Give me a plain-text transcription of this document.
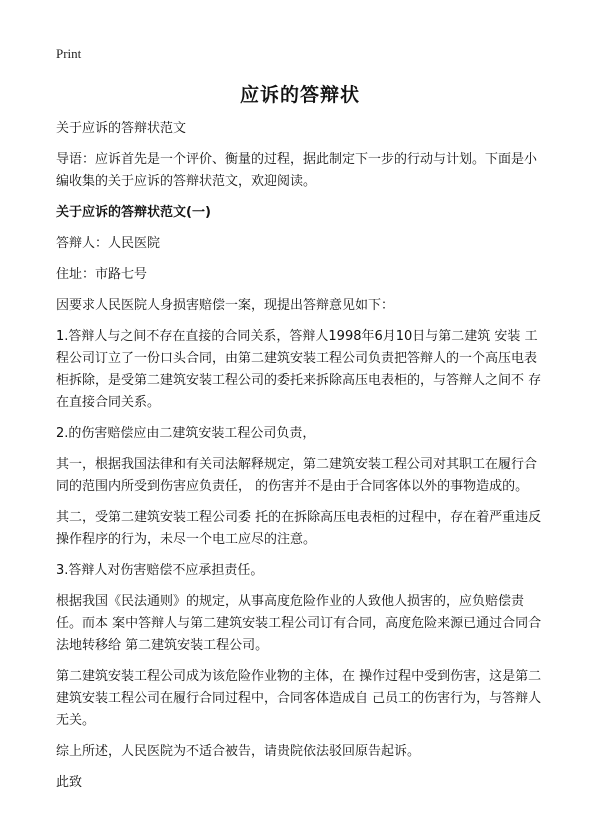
Print
应诉的答辩状

关于应诉的答辩状范文

导语：应诉首先是一个评价、衡量的过程，据此制定下一步的行动与计划。下面是小编收集的关于应诉的答辩状范文，欢迎阅读。

关于应诉的答辩状范文(一)

答辩人：人民医院

住址：市路七号

因要求人民医院人身损害赔偿一案，现提出答辩意见如下：

1.答辩人与之间不存在直接的合同关系，答辩人1998年6月10日与第二建筑 安装 工程公司订立了一份口头合同，由第二建筑安装工程公司负责把答辩人的一个高压电表柜拆除，是受第二建筑安装工程公司的委托来拆除高压电表柜的，与答辩人之间不 存在直接合同关系。

2.的伤害赔偿应由二建筑安装工程公司负责，

其一，根据我国法律和有关司法解释规定，第二建筑安装工程公司对其职工在履行合同的范围内所受到伤害应负责任， 的伤害并不是由于合同客体以外的事物造成的。

其二，受第二建筑安装工程公司委 托的在拆除高压电表柜的过程中，存在着严重违反操作程序的行为，未尽一个电工应尽的注意。

3.答辩人对伤害赔偿不应承担责任。

根据我国《民法通则》的规定，从事高度危险作业的人致他人损害的，应负赔偿责任。而本 案中答辩人与第二建筑安装工程公司订有合同，高度危险来源已通过合同合法地转移给 第二建筑安装工程公司。

第二建筑安装工程公司成为该危险作业物的主体，在 操作过程中受到伤害，这是第二建筑安装工程公司在履行合同过程中，合同客体造成自 己员工的伤害行为，与答辩人无关。

综上所述，人民医院为不适合被告，请贵院依法驳回原告起诉。

此致
